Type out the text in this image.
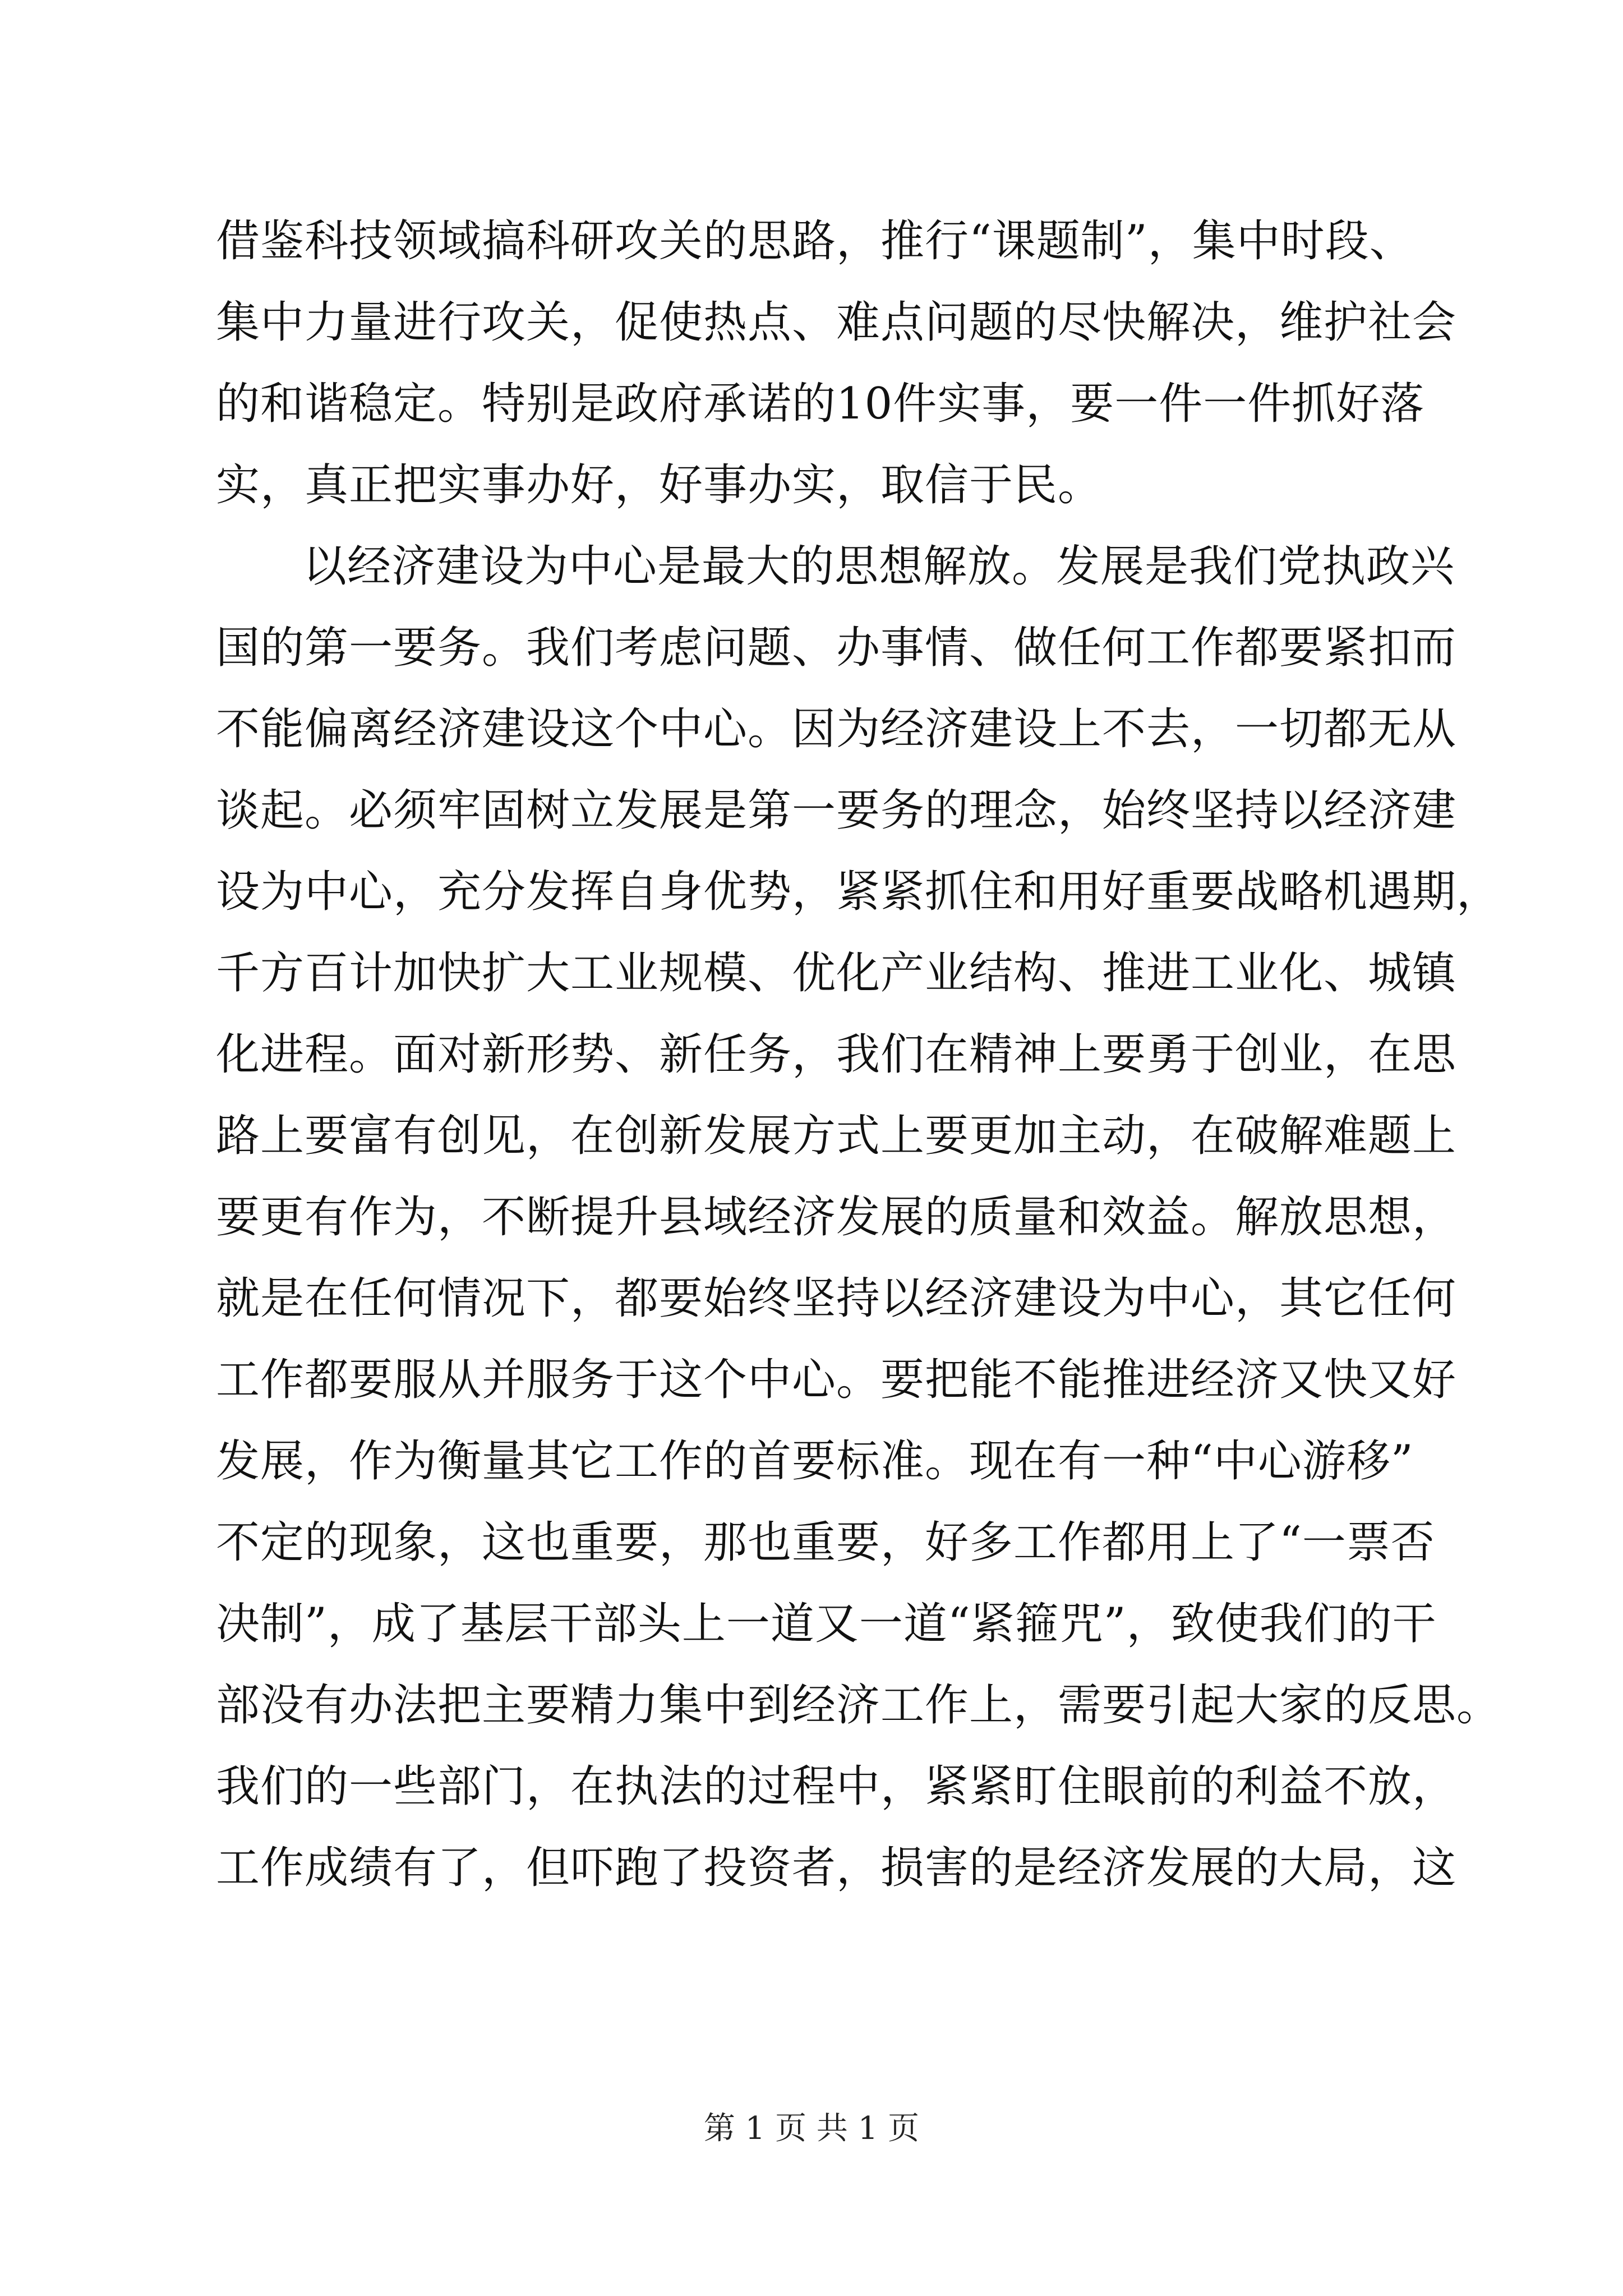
借鉴科技领域搞科研攻关的思路，推行“课题制”，集中时段、
集中力量进行攻关，促使热点、难点问题的尽快解决，维护社会
的和谐稳定。特别是政府承诺的10件实事，要一件一件抓好落
实，真正把实事办好，好事办实，取信于民。
以经济建设为中心是最大的思想解放。发展是我们党执政兴
国的第一要务。我们考虑问题、办事情、做任何工作都要紧扣而
不能偏离经济建设这个中心。因为经济建设上不去，一切都无从
谈起。必须牢固树立发展是第一要务的理念，始终坚持以经济建
设为中心，充分发挥自身优势，紧紧抓住和用好重要战略机遇期，
千方百计加快扩大工业规模、优化产业结构、推进工业化、城镇
化进程。面对新形势、新任务，我们在精神上要勇于创业，在思
路上要富有创见，在创新发展方式上要更加主动，在破解难题上
要更有作为，不断提升县域经济发展的质量和效益。解放思想，
就是在任何情况下，都要始终坚持以经济建设为中心，其它任何
工作都要服从并服务于这个中心。要把能不能推进经济又快又好
发展，作为衡量其它工作的首要标准。现在有一种“中心游移”
不定的现象，这也重要，那也重要，好多工作都用上了“一票否
决制”，成了基层干部头上一道又一道“紧箍咒”，致使我们的干
部没有办法把主要精力集中到经济工作上，需要引起大家的反思。
我们的一些部门，在执法的过程中，紧紧盯住眼前的利益不放，
工作成绩有了，但吓跑了投资者，损害的是经济发展的大局，这
第 1 页 共 1 页
